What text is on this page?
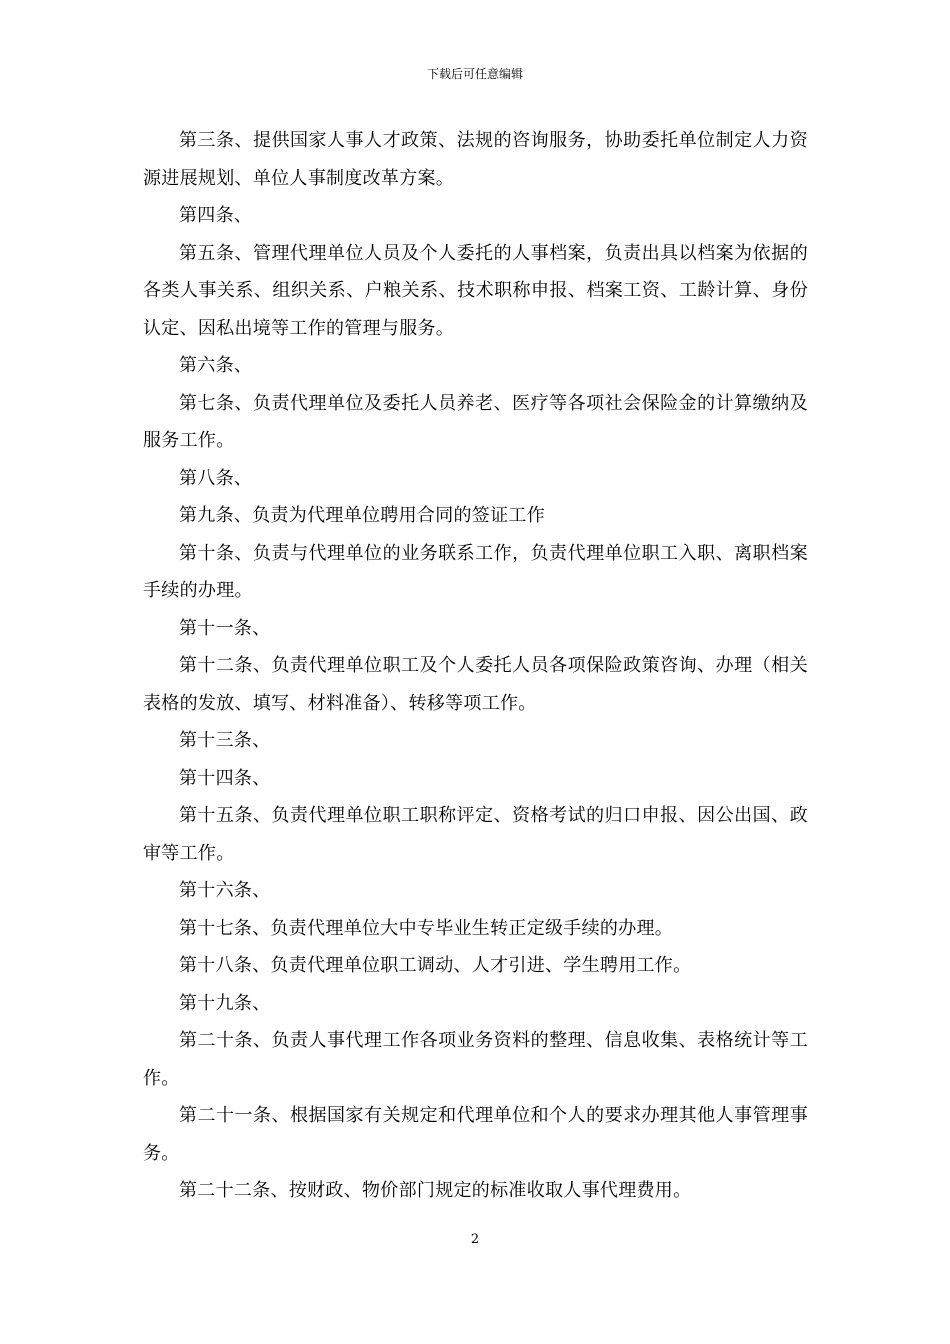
下载后可任意编辑

第三条、提供国家人事人才政策、法规的咨询服务，协助委托单位制定人力资源进展规划、单位人事制度改革方案。

第四条、

第五条、管理代理单位人员及个人委托的人事档案，负责出具以档案为依据的各类人事关系、组织关系、户粮关系、技术职称申报、档案工资、工龄计算、身份认定、因私出境等工作的管理与服务。

第六条、

第七条、负责代理单位及委托人员养老、医疗等各项社会保险金的计算缴纳及服务工作。

第八条、

第九条、负责为代理单位聘用合同的签证工作

第十条、负责与代理单位的业务联系工作，负责代理单位职工入职、离职档案手续的办理。

第十一条、

第十二条、负责代理单位职工及个人委托人员各项保险政策咨询、办理（相关表格的发放、填写、材料准备）、转移等项工作。

第十三条、

第十四条、

第十五条、负责代理单位职工职称评定、资格考试的归口申报、因公出国、政审等工作。

第十六条、

第十七条、负责代理单位大中专毕业生转正定级手续的办理。

第十八条、负责代理单位职工调动、人才引进、学生聘用工作。

第十九条、

第二十条、负责人事代理工作各项业务资料的整理、信息收集、表格统计等工作。

第二十一条、根据国家有关规定和代理单位和个人的要求办理其他人事管理事务。

第二十二条、按财政、物价部门规定的标准收取人事代理费用。

2
